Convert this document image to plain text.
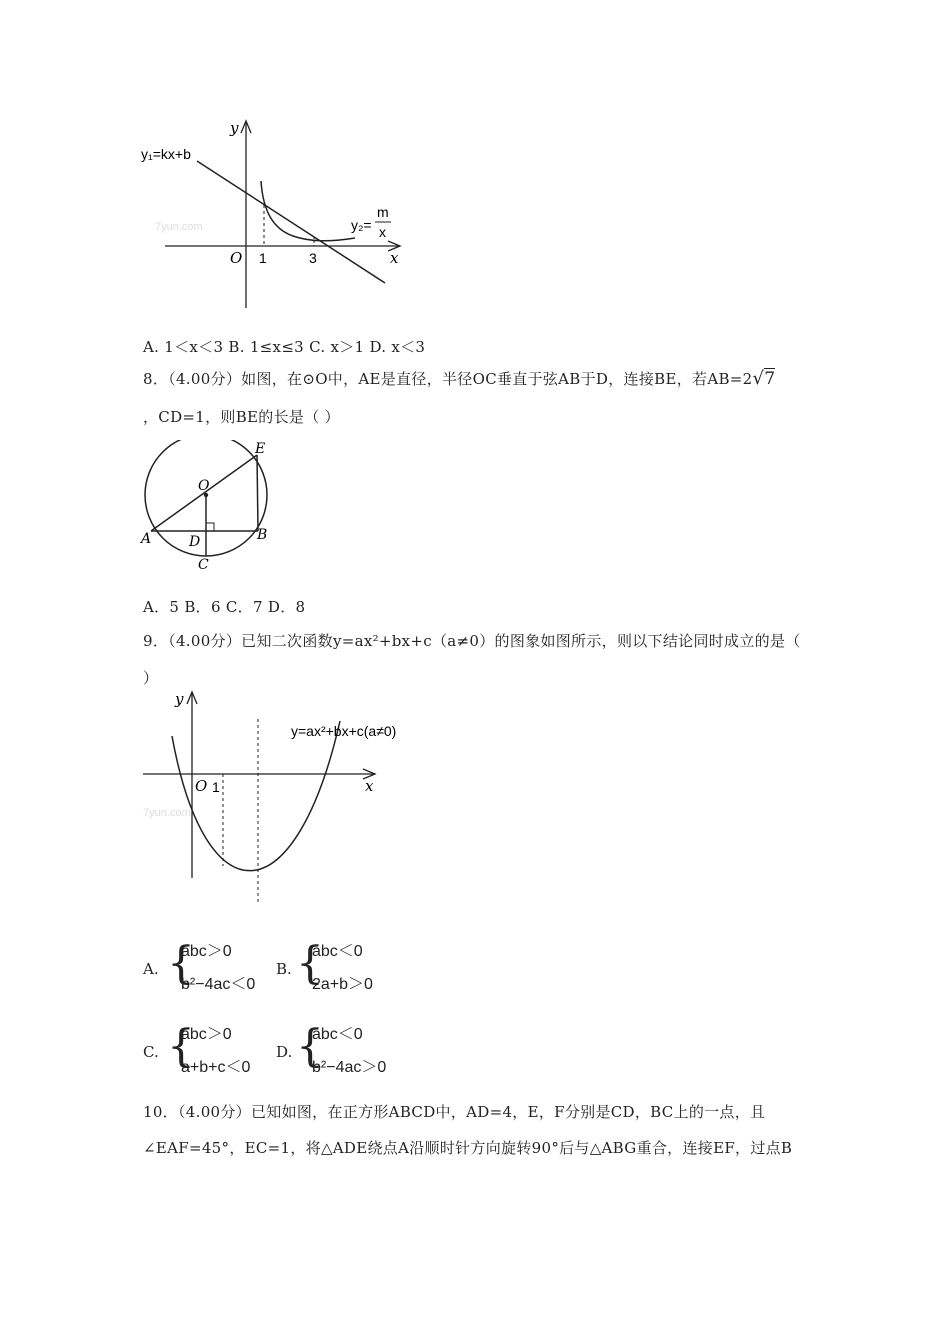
y
x
O 1	3
y₁=kx+b
y₂=
m
x
7yun.com
A. 1＜x＜3 B. 1≤x≤3 C. x＞1 D. x＜3
8．（4.00分）如图，在⊙O中，AE是直径，半径OC垂直于弦AB于D，连接BE，若AB=2√7
，CD=1，则BE的长是（ ）
E
O
A	D	B
C
A．5 B．6 C．7 D．8
9．（4.00分）已知二次函数y=ax²+bx+c（a≠0）的图象如图所示，则以下结论同时成立的是（
）
y
x
O 1
y=ax²+bx+c(a≠0)
7yun.com
A. {
abc＞0
b²−4ac＜0
B. {
abc＜0
2a+b＞0
C. {
abc＞0
a+b+c＜0
D. {
abc＜0
b²−4ac＞0
10．（4.00分）已知如图，在正方形ABCD中，AD=4，E，F分别是CD，BC上的一点，且
∠EAF=45°，EC=1，将△ADE绕点A沿顺时针方向旋转90°后与△ABG重合，连接EF，过点B
